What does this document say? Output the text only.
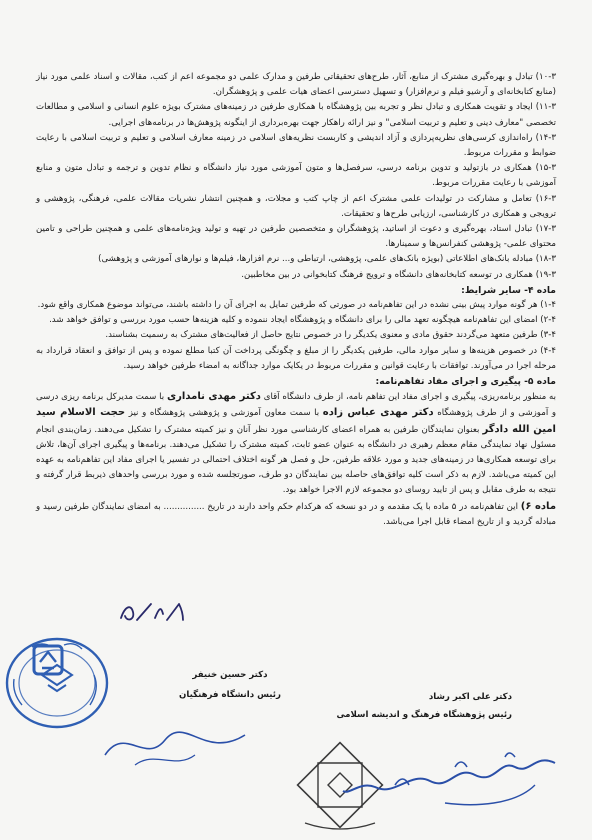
۱۰-۳) تبادل و بهره‌گیری مشترک از منابع، آثار، طرح‌های تحقیقاتی طرفین و مدارک علمی دو مجموعه اعم از کتب، مقالات و اسناد علمی مورد نیاز (منابع کتابخانه‌ای و آرشیو فیلم و نرم‌افزار) و تسهیل دسترسی اعضای هیات علمی و پژوهشگران.

۱۱-۳) ایجاد و تقویت همکاری و تبادل نظر و تجربه بین پژوهشگاه با همکاری طرفین در زمینه‌های مشترک بویژه علوم انسانی و اسلامی و مطالعات تخصصی "معارف دینی و تعلیم و تربیت اسلامی" و نیز ارائه راهکار جهت بهره‌برداری از اینگونه پژوهش‌ها در برنامه‌های اجرایی.

۱۴-۳) راه‌اندازی کرسی‌های نظریه‌پردازی و آزاد اندیشی و کاربست نظریه‌های اسلامی در زمینه معارف اسلامی و تعلیم و تربیت اسلامی با رعایت ضوابط و مقررات مربوط.

۱۵-۳) همکاری در بازتولید و تدوین برنامه درسی، سرفصل‌ها و متون آموزشی مورد نیاز دانشگاه و نظام تدوین و ترجمه و تبادل متون و منابع آموزشی با رعایت مقررات مربوط.

۱۶-۳) تعامل و مشارکت در تولیدات علمی مشترک اعم از چاپ کتب و مجلات، و همچنین انتشار نشریات مقالات علمی، فرهنگی، پژوهشی و ترویجی و همکاری در کارشناسی، ارزیابی طرح‌ها و تحقیقات.

۱۷-۳) تبادل استاد، بهره‌گیری و دعوت از اساتید، پژوهشگران و متخصصین طرفین در تهیه و تولید ویژه‌نامه‌های علمی و همچنین طراحی و تامین محتوای علمی- پژوهشی کنفرانس‌ها و سمینارها.

۱۸-۳) مبادله بانک‌های اطلاعاتی (بویژه بانک‌های علمی، پژوهشی، ارتباطی و... نرم افزارها، فیلم‌ها و نوارهای آموزشی و پژوهشی)

۱۹-۳) همکاری در توسعه کتابخانه‌های دانشگاه و ترویج فرهنگ کتابخوانی در بین مخاطبین.

ماده ۴- سایر شرایط:

۱-۴) هر گونه موارد پیش بینی نشده در این تفاهم‌نامه در صورتی که طرفین تمایل به اجرای آن را داشته باشند، می‌تواند موضوع همکاری واقع شود.

۲-۴) امضای این تفاهم‌نامه هیچگونه تعهد مالی را برای دانشگاه و پژوهشگاه ایجاد ننموده و کلیه هزینه‌ها حسب مورد بررسی و توافق خواهد شد.

۳-۴) طرفین متعهد می‌گردند حقوق مادی و معنوی یکدیگر را در خصوص نتایج حاصل از فعالیت‌های مشترک به رسمیت بشناسند.

۴-۴) در خصوص هزینه‌ها و سایر موارد مالی، طرفین یکدیگر را از مبلغ و چگونگی پرداخت آن کتبا مطلع نموده و پس از توافق و انعقاد قرارداد به مرحله اجرا در می‌آورند. توافقات با رعایت قوانین و مقررات مربوط در یکایک موارد جداگانه به امضاء طرفین خواهد رسید.

ماده ۵- پیگیری و اجرای مفاد تفاهم‌نامه:

به منظور برنامه‌ریزی، پیگیری و اجرای مفاد این تفاهم نامه، از طرف دانشگاه آقای دکتر مهدی نامداری با سمت مدیرکل برنامه ریزی درسی و آموزشی و از طرف پژوهشگاه دکتر مهدی عباس زاده با سمت معاون آموزشی و پژوهشی پژوهشگاه و نیز حجت الاسلام سید امین الله دادگر بعنوان نمایندگان طرفین به همراه اعضای کارشناسی مورد نظر آنان و نیز کمیته مشترک را تشکیل می‌دهند. زمان‌بندی انجام مسئول نهاد نمایندگی مقام معظم رهبری در دانشگاه به عنوان عضو ثابت، کمیته مشترک را تشکیل می‌دهند. برنامه‌ها و پیگیری اجرای آن‌ها، تلاش برای توسعه همکاری‌ها در زمینه‌های جدید و مورد علاقه طرفین، حل و فصل هر گونه اختلاف احتمالی در تفسیر یا اجرای مفاد این تفاهم‌نامه به عهده این کمیته می‌باشد. لازم به ذکر است کلیه توافق‌های حاصله بین نمایندگان دو طرف، صورتجلسه شده و مورد بررسی واحدهای ذیربط قرار گرفته و نتیجه به طرف مقابل و پس از تایید روسای دو مجموعه لازم الاجرا خواهد بود.

ماده ۶) این تفاهم‌نامه در ۵ ماده با یک مقدمه و در دو نسخه که هرکدام حکم واحد دارند در تاریخ ............... به امضای نمایندگان طرفین رسید و مبادله گردید و از تاریخ امضاء قابل اجرا می‌باشد.

دکتر حسین خنیفر
رئیس دانشگاه فرهنگیان	دکتر علی اکبر رشاد
رئیس پژوهشگاه فرهنگ و اندیشه اسلامی
